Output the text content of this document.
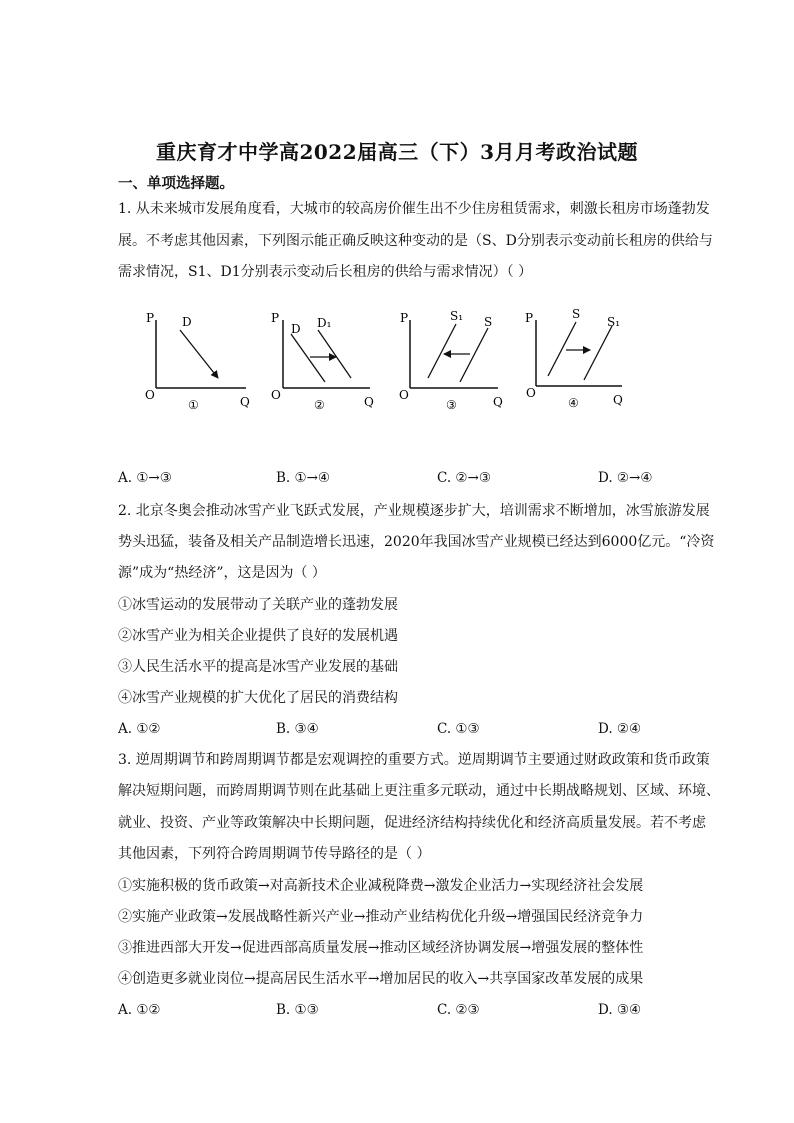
重庆育才中学高2022届高三（下）3月月考政治试题
一、单项选择题。
1. 从未来城市发展角度看，大城市的较高房价催生出不少住房租赁需求，刺激长租房市场蓬勃发
展。不考虑其他因素，下列图示能正确反映这种变动的是（S、D分别表示变动前长租房的供给与
需求情况，S1、D1分别表示变动后长租房的供给与需求情况）（ ）
P
Q
O
D
①
P
Q
O
D D₁
②
P
Q
O
S₁ S
③
P
Q
O
S
S₁
④
A. ①→③	B. ①→④	C. ②→③	D. ②→④
2. 北京冬奥会推动冰雪产业飞跃式发展，产业规模逐步扩大，培训需求不断增加，冰雪旅游发展
势头迅猛，装备及相关产品制造增长迅速，2020年我国冰雪产业规模已经达到6000亿元。“冷资
源”成为“热经济”，这是因为（ ）
①冰雪运动的发展带动了关联产业的蓬勃发展
②冰雪产业为相关企业提供了良好的发展机遇
③人民生活水平的提高是冰雪产业发展的基础
④冰雪产业规模的扩大优化了居民的消费结构
A. ①②	B. ③④	C. ①③	D. ②④
3. 逆周期调节和跨周期调节都是宏观调控的重要方式。逆周期调节主要通过财政政策和货币政策
解决短期问题，而跨周期调节则在此基础上更注重多元联动，通过中长期战略规划、区域、环境、
就业、投资、产业等政策解决中长期问题，促进经济结构持续优化和经济高质量发展。若不考虑
其他因素，下列符合跨周期调节传导路径的是（ ）
①实施积极的货币政策→对高新技术企业减税降费→激发企业活力→实现经济社会发展
②实施产业政策→发展战略性新兴产业→推动产业结构优化升级→增强国民经济竞争力
③推进西部大开发→促进西部高质量发展→推动区域经济协调发展→增强发展的整体性
④创造更多就业岗位→提高居民生活水平→增加居民的收入→共享国家改革发展的成果
A. ①②	B. ①③	C. ②③	D. ③④
